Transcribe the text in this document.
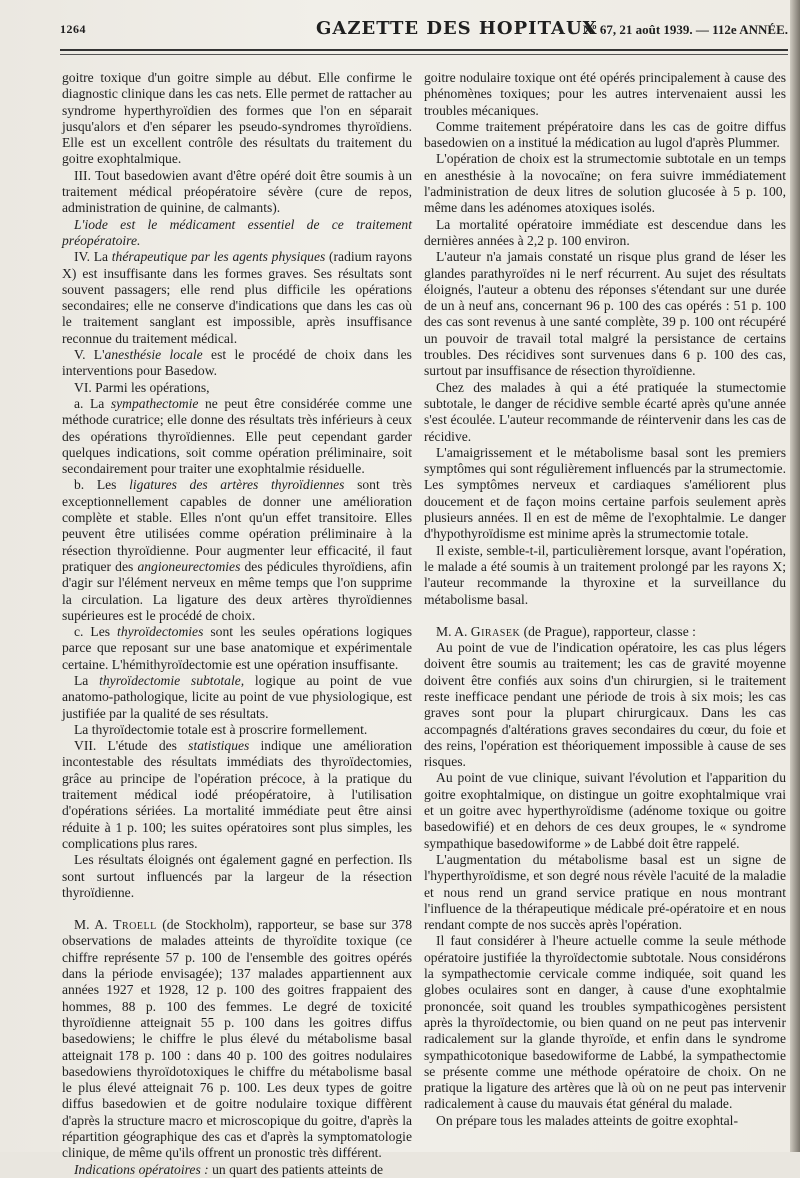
1264	GAZETTE DES HOPITAUX
Nº 67, 21 août 1939. — 112e ANNÉE.

goitre toxique d'un goitre simple au début. Elle confirme le diagnostic clinique dans les cas nets. Elle permet de rattacher au syndrome hyperthyroïdien des formes que l'on en séparait jusqu'alors et d'en séparer les pseudo-syndromes thyroïdiens. Elle est un excellent contrôle des résultats du traitement du goitre exophtalmique.

III. Tout basedowien avant d'être opéré doit être soumis à un traitement médical préopératoire sévère (cure de repos, administration de quinine, de calmants).

L'iode est le médicament essentiel de ce traitement préopératoire.

IV. La thérapeutique par les agents physiques (radium rayons X) est insuffisante dans les formes graves. Ses résultats sont souvent passagers; elle rend plus difficile les opérations secondaires; elle ne conserve d'indications que dans les cas où le traitement sanglant est impossible, après insuffisance reconnue du traitement médical.

V. L'anesthésie locale est le procédé de choix dans les interventions pour Basedow.

VI. Parmi les opérations,

a. La sympathectomie ne peut être considérée comme une méthode curatrice; elle donne des résultats très inférieurs à ceux des opérations thyroïdiennes. Elle peut cependant garder quelques indications, soit comme opération préliminaire, soit secondairement pour traiter une exophtalmie résiduelle.

b. Les ligatures des artères thyroïdiennes sont très exceptionnellement capables de donner une amélioration complète et stable. Elles n'ont qu'un effet transitoire. Elles peuvent être utilisées comme opération préliminaire à la résection thyroïdienne. Pour augmenter leur efficacité, il faut pratiquer des angioneurectomies des pédicules thyroïdiens, afin d'agir sur l'élément nerveux en même temps que l'on supprime la circulation. La ligature des deux artères thyroïdiennes supérieures est le procédé de choix.

c. Les thyroïdectomies sont les seules opérations logiques parce que reposant sur une base anatomique et expérimentale certaine. L'hémithyroïdectomie est une opération insuffisante.

La thyroïdectomie subtotale, logique au point de vue anatomo-pathologique, licite au point de vue physiologique, est justifiée par la qualité de ses résultats.

La thyroïdectomie totale est à proscrire formellement.

VII. L'étude des statistiques indique une amélioration incontestable des résultats immédiats des thyroïdectomies, grâce au principe de l'opération précoce, à la pratique du traitement médical iodé préopératoire, à l'utilisation d'opérations sériées. La mortalité immédiate peut être ainsi réduite à 1 p. 100; les suites opératoires sont plus simples, les complications plus rares.

Les résultats éloignés ont également gagné en perfection. Ils sont surtout influencés par la largeur de la résection thyroïdienne.

M. A. Troell (de Stockholm), rapporteur, se base sur 378 observations de malades atteints de thyroïdite toxique (ce chiffre représente 57 p. 100 de l'ensemble des goitres opérés dans la période envisagée); 137 malades appartiennent aux années 1927 et 1928, 12 p. 100 des goitres frappaient des hommes, 88 p. 100 des femmes. Le degré de toxicité thyroïdienne atteignait 55 p. 100 dans les goitres diffus basedowiens; le chiffre le plus élevé du métabolisme basal atteignait 178 p. 100 : dans 40 p. 100 des goitres nodulaires basedowiens thyroïdotoxiques le chiffre du métabolisme basal le plus élevé atteignait 76 p. 100. Les deux types de goitre diffus basedowien et de goitre nodulaire toxique diffèrent d'après la structure macro et microscopique du goitre, d'après la répartition géographique des cas et d'après la symptomatologie clinique, de même qu'ils offrent un pronostic très différent.

Indications opératoires : un quart des patients atteints de

goitre nodulaire toxique ont été opérés principalement à cause des phénomènes toxiques; pour les autres intervenaient aussi les troubles mécaniques.

Comme traitement prépératoire dans les cas de goitre diffus basedowien on a institué la médication au lugol d'après Plummer.

L'opération de choix est la strumectomie subtotale en un temps en anesthésie à la novocaïne; on fera suivre immédiatement l'administration de deux litres de solution glucosée à 5 p. 100, même dans les adénomes atoxiques isolés.

La mortalité opératoire immédiate est descendue dans les dernières années à 2,2 p. 100 environ.

L'auteur n'a jamais constaté un risque plus grand de léser les glandes parathyroïdes ni le nerf récurrent. Au sujet des résultats éloignés, l'auteur a obtenu des réponses s'étendant sur une durée de un à neuf ans, concernant 96 p. 100 des cas opérés : 51 p. 100 des cas sont revenus à une santé complète, 39 p. 100 ont récupéré un pouvoir de travail total malgré la persistance de certains troubles. Des récidives sont survenues dans 6 p. 100 des cas, surtout par insuffisance de résection thyroïdienne.

Chez des malades à qui a été pratiquée la stumectomie subtotale, le danger de récidive semble écarté après qu'une année s'est écoulée. L'auteur recommande de réintervenir dans les cas de récidive.

L'amaigrissement et le métabolisme basal sont les premiers symptômes qui sont régulièrement influencés par la strumectomie. Les symptômes nerveux et cardiaques s'améliorent plus doucement et de façon moins certaine parfois seulement après plusieurs années. Il en est de même de l'exophtalmie. Le danger d'hypothyroïdisme est minime après la strumectomie totale.

Il existe, semble-t-il, particulièrement lorsque, avant l'opération, le malade a été soumis à un traitement prolongé par les rayons X; l'auteur recommande la thyroxine et la surveillance du métabolisme basal.

M. A. Girasek (de Prague), rapporteur, classe :

Au point de vue de l'indication opératoire, les cas plus légers doivent être soumis au traitement; les cas de gravité moyenne doivent être confiés aux soins d'un chirurgien, si le traitement reste inefficace pendant une période de trois à six mois; les cas graves sont pour la plupart chirurgicaux. Dans les cas accompagnés d'altérations graves secondaires du cœur, du foie et des reins, l'opération est théoriquement impossible à cause de ses risques.

Au point de vue clinique, suivant l'évolution et l'apparition du goitre exophtalmique, on distingue un goitre exophtalmique vrai et un goitre avec hyperthyroïdisme (adénome toxique ou goitre basedowifié) et en dehors de ces deux groupes, le « syndrome sympathique basedowiforme » de Labbé doit être rappelé.

L'augmentation du métabolisme basal est un signe de l'hyperthyroïdisme, et son degré nous révèle l'acuité de la maladie et nous rend un grand service pratique en nous montrant l'influence de la thérapeutique médicale pré-opératoire et en nous rendant compte de nos succès après l'opération.

Il faut considérer à l'heure actuelle comme la seule méthode opératoire justifiée la thyroïdectomie subtotale. Nous considérons la sympathectomie cervicale comme indiquée, soit quand les globes oculaires sont en danger, à cause d'une exophtalmie prononcée, soit quand les troubles sympathicogènes persistent après la thyroïdectomie, ou bien quand on ne peut pas intervenir radicalement sur la glande thyroïde, et enfin dans le syndrome sympathicotonique basedowiforme de Labbé, la sympathectomie se présente comme une méthode opératoire de choix. On ne pratique la ligature des artères que là où on ne peut pas intervenir radicalement à cause du mauvais état général du malade.

On prépare tous les malades atteints de goitre exophtal-
